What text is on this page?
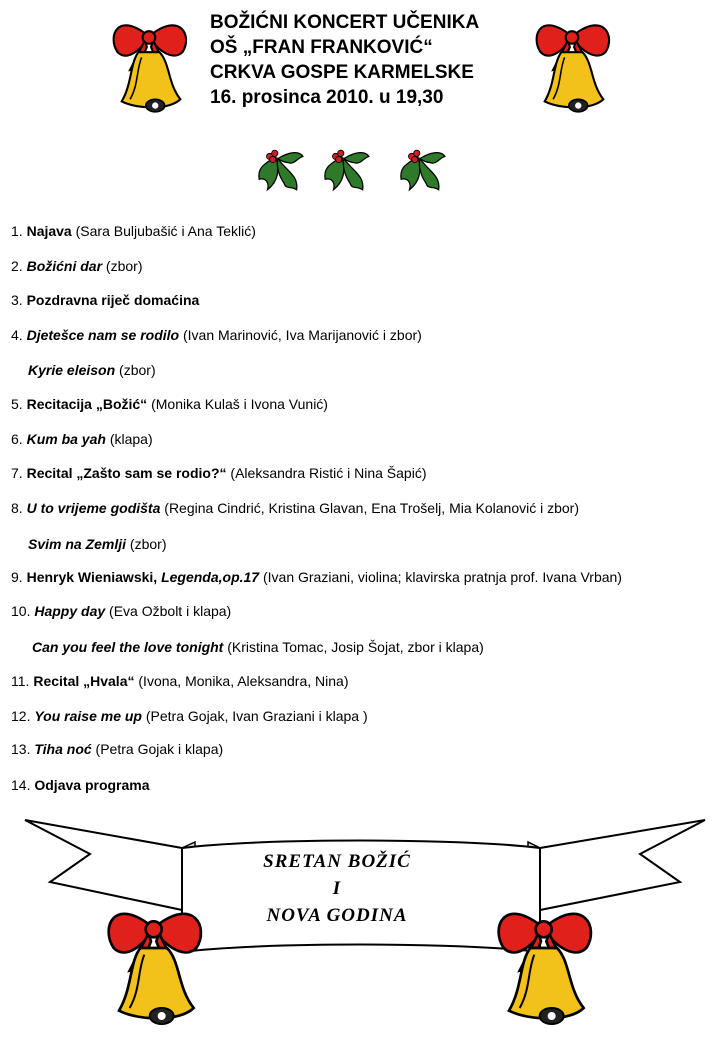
BOŽIĆNI KONCERT UČENIKA
OŠ „FRAN FRANKOVIĆ“
CRKVA GOSPE KARMELSKE
16. prosinca 2010. u 19,30
1. Najava (Sara Buljubašić i Ana Teklić)
2. Božićni dar (zbor)
3. Pozdravna riječ domaćina
4. Djetešce nam se rodilo (Ivan Marinović, Iva Marijanović i zbor)
Kyrie eleison (zbor)
5. Recitacija „Božić“ (Monika Kulaš i Ivona Vunić)
6. Kum ba yah (klapa)
7. Recital „Zašto sam se rodio?“ (Aleksandra Ristić i Nina Šapić)
8. U to vrijeme godišta (Regina Cindrić, Kristina Glavan, Ena Trošelj, Mia Kolanović i zbor)
Svim na Zemlji (zbor)
9. Henryk Wieniawski, Legenda,op.17 (Ivan Graziani, violina; klavirska pratnja prof. Ivana Vrban)
10. Happy day (Eva Ožbolt i klapa)
Can you feel the love tonight (Kristina Tomac, Josip Šojat, zbor i klapa)
11. Recital „Hvala“ (Ivona, Monika, Aleksandra, Nina)
12. You raise me up (Petra Gojak, Ivan Graziani i klapa )
13. Tiha noć (Petra Gojak i klapa)
14. Odjava programa
SRETAN BOŽIĆ
I
NOVA GODINA
